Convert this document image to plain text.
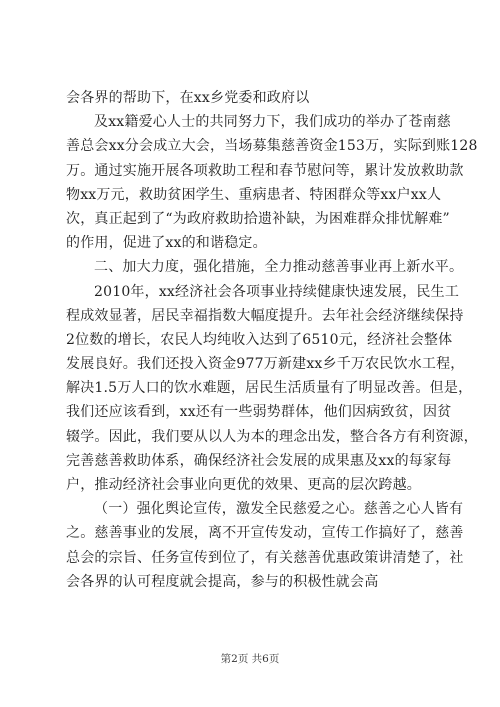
会各界的帮助下，在xx乡党委和政府以
及xx籍爱心人士的共同努力下，我们成功的举办了苍南慈
善总会xx分会成立大会，当场募集慈善资金153万，实际到账128
万。通过实施开展各项救助工程和春节慰问等，累计发放救助款
物xx万元，救助贫困学生、重病患者、特困群众等xx户xx人
次，真正起到了“为政府救助拾遗补缺，为困难群众排忧解难”
的作用，促进了xx的和谐稳定。
二、加大力度，强化措施，全力推动慈善事业再上新水平。
2010年，xx经济社会各项事业持续健康快速发展，民生工
程成效显著，居民幸福指数大幅度提升。去年社会经济继续保持
2位数的增长，农民人均纯收入达到了6510元，经济社会整体
发展良好。我们还投入资金977万新建xx乡千万农民饮水工程，
解决1.5万人口的饮水难题，居民生活质量有了明显改善。但是，
我们还应该看到，xx还有一些弱势群体，他们因病致贫，因贫
辍学。因此，我们要从以人为本的理念出发，整合各方有利资源，
完善慈善救助体系，确保经济社会发展的成果惠及xx的每家每
户，推动经济社会事业向更优的效果、更高的层次跨越。
（一）强化舆论宣传，激发全民慈爱之心。慈善之心人皆有
之。慈善事业的发展，离不开宣传发动，宣传工作搞好了，慈善
总会的宗旨、任务宣传到位了，有关慈善优惠政策讲清楚了，社
会各界的认可程度就会提高，参与的积极性就会高
第2页 共6页
